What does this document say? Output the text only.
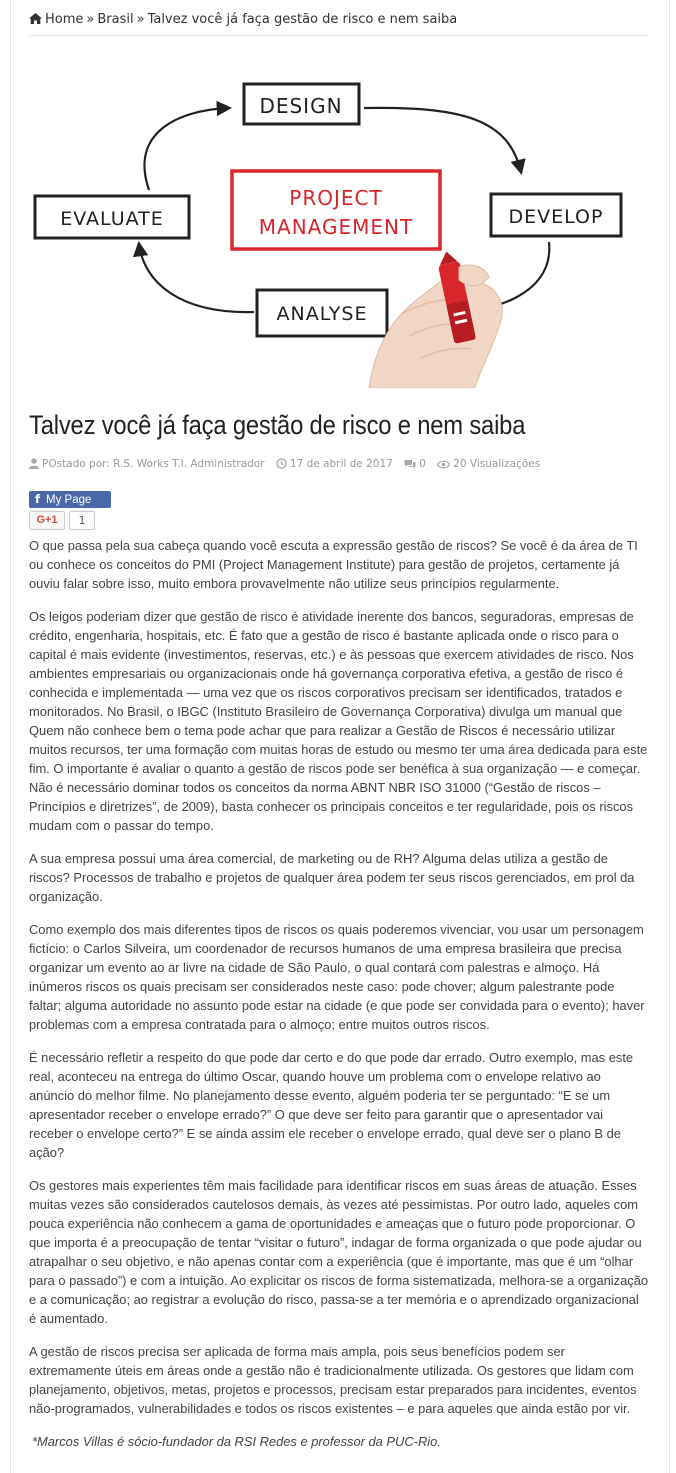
Home » Brasil » Talvez você já faça gestão de risco e nem saiba
DESIGN
EVALUATE	DEVELOP
ANALYSE
PROJECT
MANAGEMENT
Talvez você já faça gestão de risco e nem saiba
POstado por: R.S. Works T.I. Administrador 17 de abril de 2017	0	20 Visualizações
f My Page
G+1	1

O que passa pela sua cabeça quando você escuta a expressão gestão de riscos? Se você é da área de TI ou conhece os conceitos do PMI (Project Management Institute) para gestão de projetos, certamente já ouviu falar sobre isso, muito embora provavelmente não utilize seus princípios regularmente.

Os leigos poderiam dizer que gestão de risco é atividade inerente dos bancos, seguradoras, empresas de crédito, engenharia, hospitais, etc. É fato que a gestão de risco é bastante aplicada onde o risco para o capital é mais evidente (investimentos, reservas, etc.) e às pessoas que exercem atividades de risco. Nos ambientes empresariais ou organizacionais onde há governança corporativa efetiva, a gestão de risco é conhecida e implementada — uma vez que os riscos corporativos precisam ser identificados, tratados e monitorados. No Brasil, o IBGC (Instituto Brasileiro de Governança Corporativa) divulga um manual que Quem não conhece bem o tema pode achar que para realizar a Gestão de Riscos é necessário utilizar muitos recursos, ter uma formação com muitas horas de estudo ou mesmo ter uma área dedicada para este fim. O importante é avaliar o quanto a gestão de riscos pode ser benéfica à sua organização — e começar. Não é necessário dominar todos os conceitos da norma ABNT NBR ISO 31000 (“Gestão de riscos – Princípios e diretrizes”, de 2009), basta conhecer os principais conceitos e ter regularidade, pois os riscos mudam com o passar do tempo.

A sua empresa possui uma área comercial, de marketing ou de RH? Alguma delas utiliza a gestão de riscos? Processos de trabalho e projetos de qualquer área podem ter seus riscos gerenciados, em prol da organização.

Como exemplo dos mais diferentes tipos de riscos os quais poderemos vivenciar, vou usar um personagem fictício: o Carlos Silveira, um coordenador de recursos humanos de uma empresa brasileira que precisa organizar um evento ao ar livre na cidade de São Paulo, o qual contará com palestras e almoço. Há inúmeros riscos os quais precisam ser considerados neste caso: pode chover; algum palestrante pode faltar; alguma autoridade no assunto pode estar na cidade (e que pode ser convidada para o evento); haver problemas com a empresa contratada para o almoço; entre muitos outros riscos.

É necessário refletir a respeito do que pode dar certo e do que pode dar errado. Outro exemplo, mas este real, aconteceu na entrega do último Oscar, quando houve um problema com o envelope relativo ao anúncio do melhor filme. No planejamento desse evento, alguém poderia ter se perguntado: “E se um apresentador receber o envelope errado?” O que deve ser feito para garantir que o apresentador vai receber o envelope certo?” E se ainda assim ele receber o envelope errado, qual deve ser o plano B de ação?

Os gestores mais experientes têm mais facilidade para identificar riscos em suas áreas de atuação. Esses muitas vezes são considerados cautelosos demais, às vezes até pessimistas. Por outro lado, aqueles com pouca experiência não conhecem a gama de oportunidades e ameaças que o futuro pode proporcionar. O que importa é a preocupação de tentar “visitar o futuro”, indagar de forma organizada o que pode ajudar ou atrapalhar o seu objetivo, e não apenas contar com a experiência (que é importante, mas que é um “olhar para o passado”) e com a intuição. Ao explicitar os riscos de forma sistematizada, melhora-se a organização e a comunicação; ao registrar a evolução do risco, passa-se a ter memória e o aprendizado organizacional é aumentado.

A gestão de riscos precisa ser aplicada de forma mais ampla, pois seus benefícios podem ser extremamente úteis em áreas onde a gestão não é tradicionalmente utilizada. Os gestores que lidam com planejamento, objetivos, metas, projetos e processos, precisam estar preparados para incidentes, eventos não-programados, vulnerabilidades e todos os riscos existentes – e para aqueles que ainda estão por vir.

*Marcos Villas é sócio-fundador da RSI Redes e professor da PUC-Rio.
